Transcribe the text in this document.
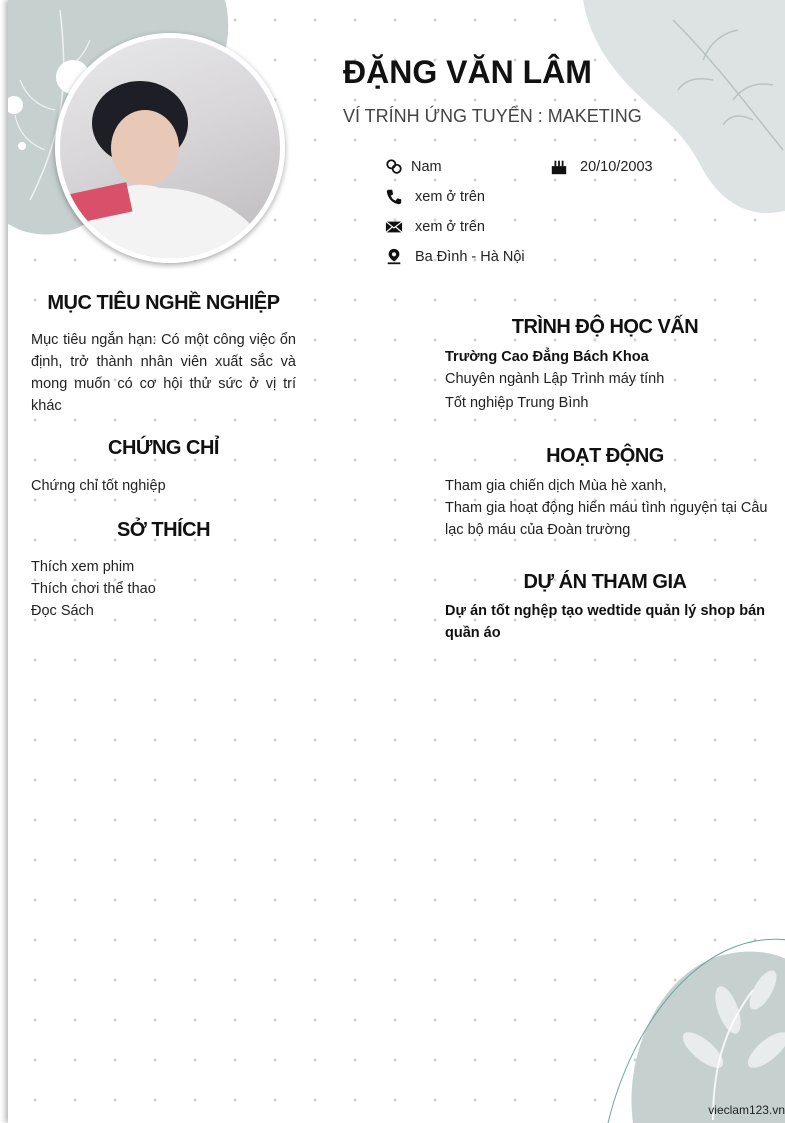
ĐẶNG VĂN LÂM
VÍ TRÍNH ỨNG TUYỂN : MAKETING
Nam	20/10/2003
xem ở trên
xem ở trên
Ba Đình - Hà Nội
MỤC TIÊU NGHỀ NGHIỆP
Mục tiêu ngắn hạn: Có một công việc ổn định, trở thành nhân viên xuất sắc và mong muốn có cơ hội thử sức ở vị trí khác
CHỨNG CHỈ
Chứng chỉ tốt nghiệp
SỞ THÍCH
Thích xem phim
Thích chơi thể thao
Đọc Sách
TRÌNH ĐỘ HỌC VẤN
Trường Cao Đẳng Bách Khoa
Chuyên ngành Lập Trình máy tính
Tốt nghiệp Trung Bình
HOẠT ĐỘNG
Tham gia chiến dịch Mùa hè xanh,
Tham gia hoạt động hiến máu tình nguyện tại Câu lạc bộ máu của Đoàn trường
DỰ ÁN THAM GIA
Dự án tốt nghệp tạo wedtide quản lý shop bán quần áo
vieclam123.vn
